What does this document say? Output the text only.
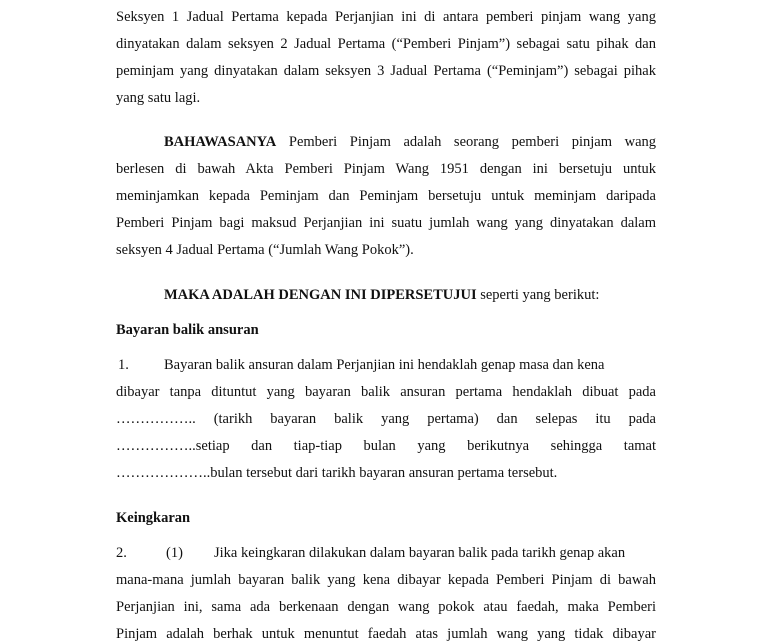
Seksyen 1 Jadual Pertama kepada Perjanjian ini di antara pemberi pinjam wang yang
dinyatakan dalam seksyen 2 Jadual Pertama (“Pemberi Pinjam”) sebagai satu pihak dan
peminjam yang dinyatakan dalam seksyen 3 Jadual Pertama (“Peminjam”) sebagai pihak
yang satu lagi.
BAHAWASANYA Pemberi Pinjam adalah seorang pemberi pinjam wang
berlesen di bawah Akta Pemberi Pinjam Wang 1951 dengan ini bersetuju untuk
meminjamkan kepada Peminjam dan Peminjam bersetuju untuk meminjam daripada
Pemberi Pinjam bagi maksud Perjanjian ini suatu jumlah wang yang dinyatakan dalam
seksyen 4 Jadual Pertama (“Jumlah Wang Pokok”).
MAKA ADALAH DENGAN INI DIPERSETUJUI seperti yang berikut:
Bayaran balik ansuran
1. Bayaran balik ansuran dalam Perjanjian ini hendaklah genap masa dan kena
dibayar tanpa dituntut yang bayaran balik ansuran pertama hendaklah dibuat pada
…………….. (tarikh bayaran balik yang pertama) dan selepas itu pada
……………..setiap dan tiap-tiap bulan yang berikutnya sehingga tamat
………………..bulan tersebut dari tarikh bayaran ansuran pertama tersebut.
Keingkaran
2.	(1) Jika keingkaran dilakukan dalam bayaran balik pada tarikh genap akan
mana-mana jumlah bayaran balik yang kena dibayar kepada Pemberi Pinjam di bawah
Perjanjian ini, sama ada berkenaan dengan wang pokok atau faedah, maka Pemberi
Pinjam adalah berhak untuk menuntut faedah atas jumlah wang yang tidak dibayar
